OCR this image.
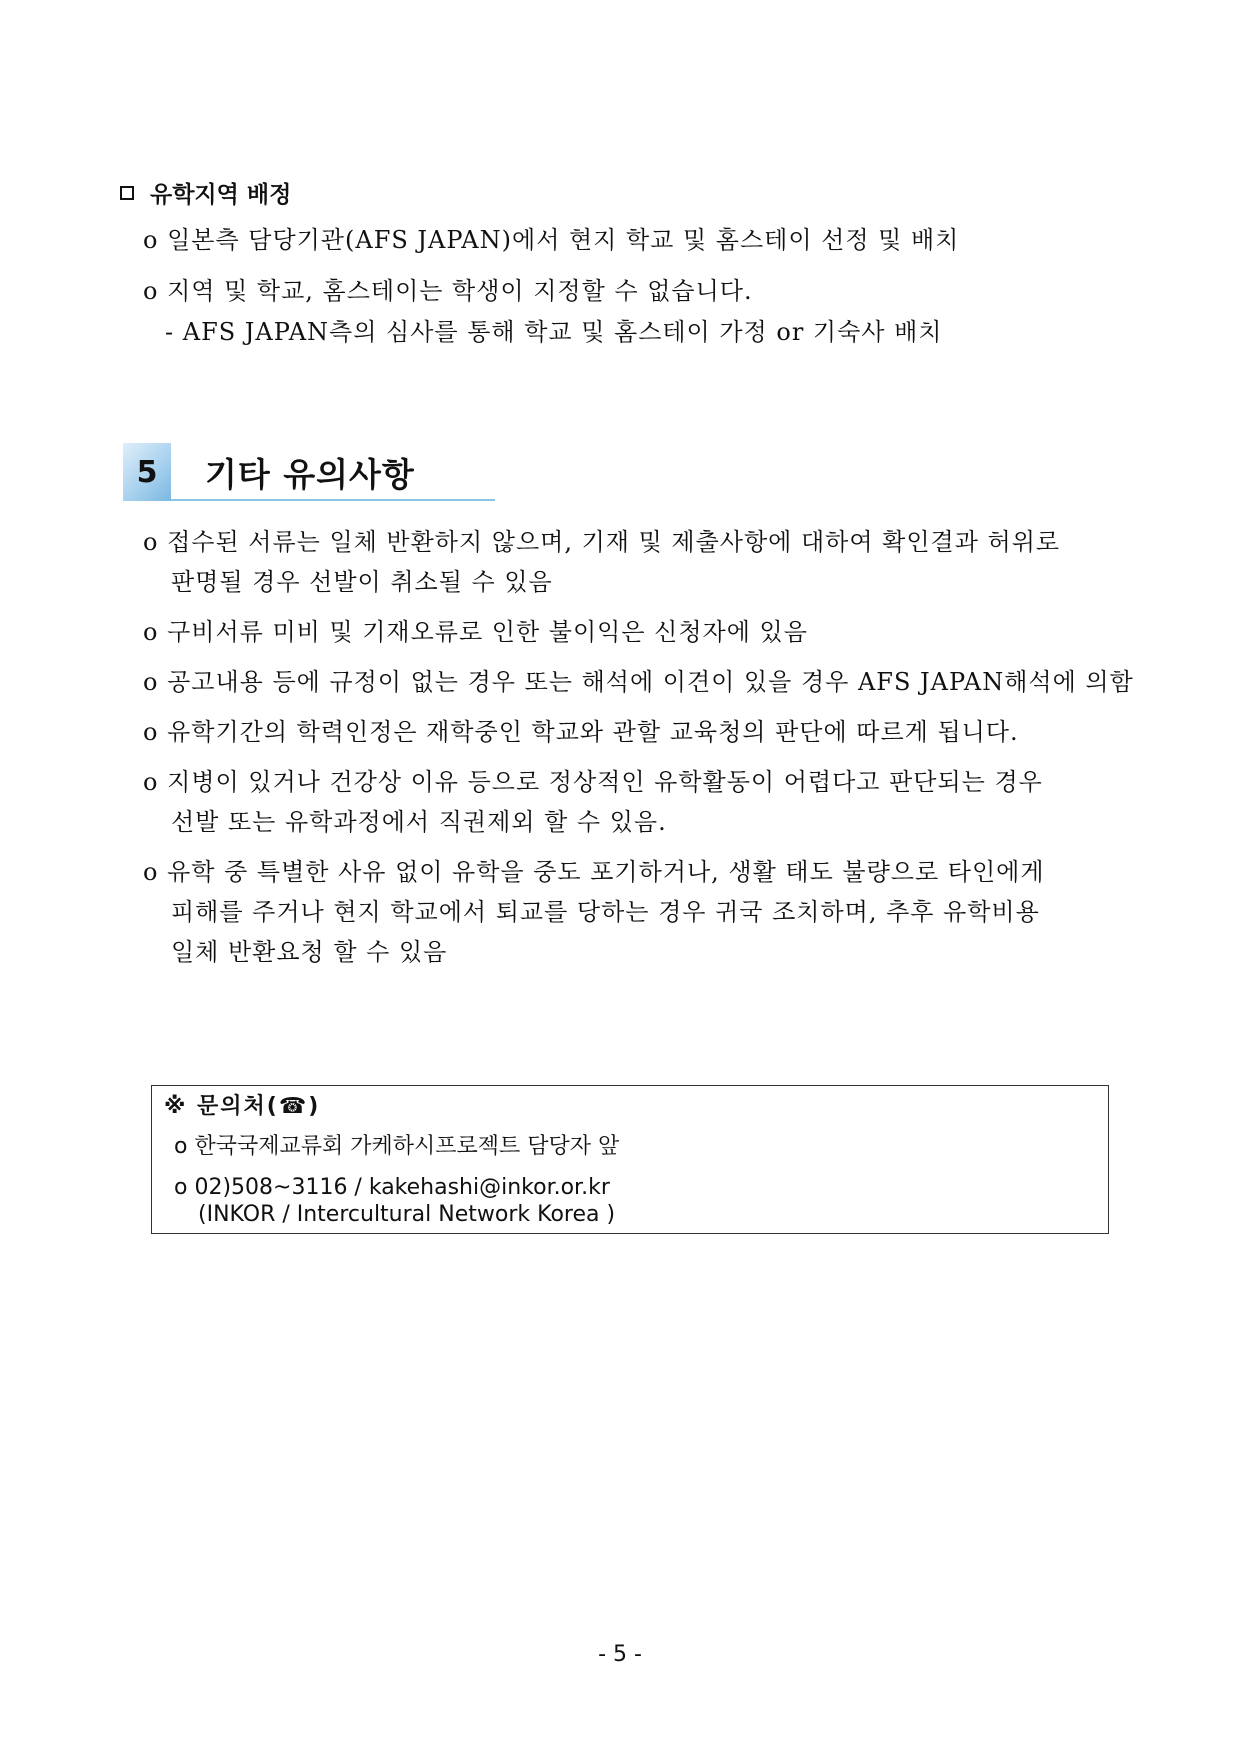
유학지역 배정
o 일본측 담당기관(AFS JAPAN)에서 현지 학교 및 홈스테이 선정 및 배치
o 지역 및 학교, 홈스테이는 학생이 지정할 수 없습니다.
- AFS JAPAN측의 심사를 통해 학교 및 홈스테이 가정 or 기숙사 배치
5	기타 유의사항
o 접수된 서류는 일체 반환하지 않으며, 기재 및 제출사항에 대하여 확인결과 허위로
판명될 경우 선발이 취소될 수 있음
o 구비서류 미비 및 기재오류로 인한 불이익은 신청자에 있음
o 공고내용 등에 규정이 없는 경우 또는 해석에 이견이 있을 경우 AFS JAPAN해석에 의함
o 유학기간의 학력인정은 재학중인 학교와 관할 교육청의 판단에 따르게 됩니다.
o 지병이 있거나 건강상 이유 등으로 정상적인 유학활동이 어렵다고 판단되는 경우
선발 또는 유학과정에서 직권제외 할 수 있음.
o 유학 중 특별한 사유 없이 유학을 중도 포기하거나, 생활 태도 불량으로 타인에게
피해를 주거나 현지 학교에서 퇴교를 당하는 경우 귀국 조치하며, 추후 유학비용
일체 반환요청 할 수 있음
※ 문의처(☎)
o 한국국제교류회 가케하시프로젝트 담당자 앞
o 02)508~3116 / kakehashi@inkor.or.kr
(INKOR / Intercultural Network Korea )
- 5 -
